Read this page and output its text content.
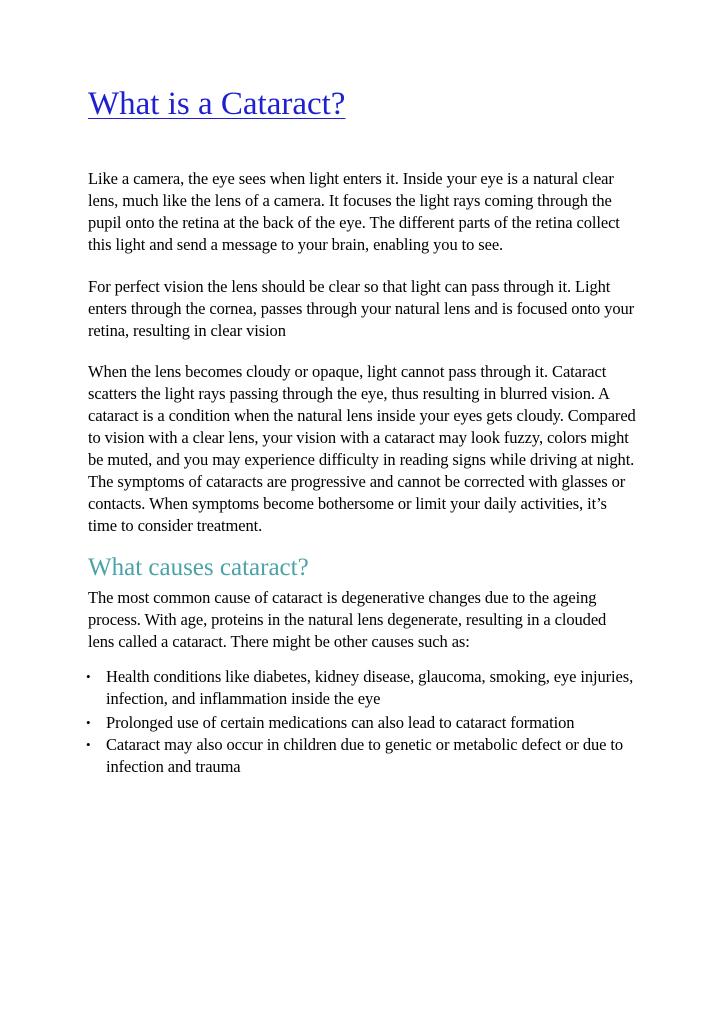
What is a Cataract?

Like a camera, the eye sees when light enters it. Inside your eye is a natural clear lens, much like the lens of a camera. It focuses the light rays coming through the pupil onto the retina at the back of the eye. The different parts of the retina collect this light and send a message to your brain, enabling you to see.

For perfect vision the lens should be clear so that light can pass through it. Light enters through the cornea, passes through your natural lens and is focused onto your retina, resulting in clear vision

When the lens becomes cloudy or opaque, light cannot pass through it. Cataract scatters the light rays passing through the eye, thus resulting in blurred vision. A cataract is a condition when the natural lens inside your eyes gets cloudy. Compared to vision with a clear lens, your vision with a cataract may look fuzzy, colors might be muted, and you may experience difficulty in reading signs while driving at night. The symptoms of cataracts are progressive and cannot be corrected with glasses or contacts. When symptoms become bothersome or limit your daily activities, it’s time to consider treatment.

What causes cataract?

The most common cause of cataract is degenerative changes due to the ageing process. With age, proteins in the natural lens degenerate, resulting in a clouded lens called a cataract. There might be other causes such as:

• Health conditions like diabetes, kidney disease, glaucoma, smoking, eye injuries, infection, and inflammation inside the eye
• Prolonged use of certain medications can also lead to cataract formation
• Cataract may also occur in children due to genetic or metabolic defect or due to infection and trauma
